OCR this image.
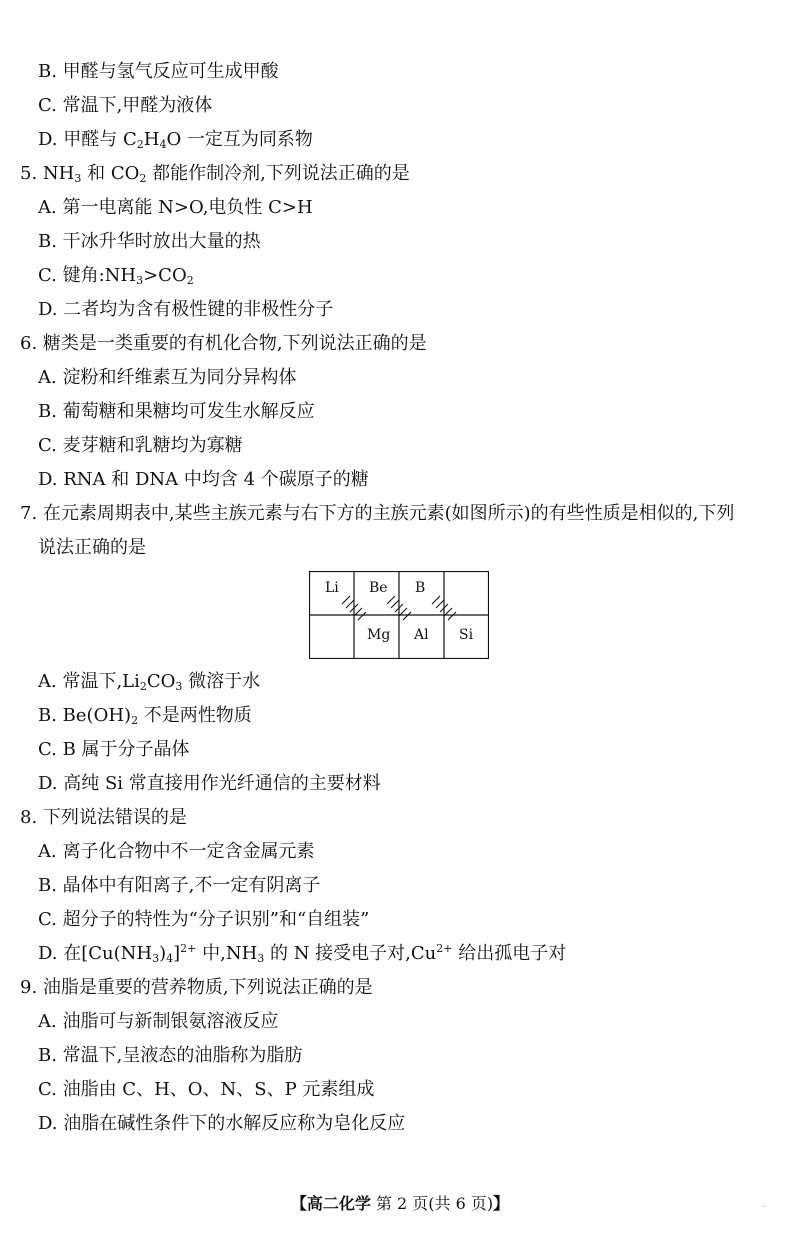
B. 甲醛与氢气反应可生成甲酸
C. 常温下,甲醛为液体
D. 甲醛与 $C_2H_4O$ 一定互为同系物
5. $NH_3$ 和 $CO_2$ 都能作制冷剂,下列说法正确的是
A. 第一电离能 N>O,电负性 C>H
B. 干冰升华时放出大量的热
C. 键角$:NH_3>CO_2$
D. 二者均为含有极性键的非极性分子
6. 糖类是一类重要的有机化合物,下列说法正确的是
A. 淀粉和纤维素互为同分异构体
B. 葡萄糖和果糖均可发生水解反应
C. 麦芽糖和乳糖均为寡糖
D. RNA 和 DNA 中均含 4 个碳原子的糖
7. 在元素周期表中,某些主族元素与右下方的主族元素(如图所示)的有些性质是相似的,下列
说法正确的是
Li Be B
Mg Al Si
A. 常温下$,Li_2CO_3$ 微溶于水
B. $Be(OH)_2$ 不是两性物质
C. B 属于分子晶体
D. 高纯 Si 常直接用作光纤通信的主要材料
8. 下列说法错误的是
A. 离子化合物中不一定含金属元素
B. 晶体中有阳离子,不一定有阴离子
C. 超分子的特性为“分子识别”和“自组装”
D. 在$[Cu(NH_3)_4]^{2+}$ 中$,NH_3$ 的 N 接受电子对$,Cu^{2+}$ 给出孤电子对
9. 油脂是重要的营养物质,下列说法正确的是
A. 油脂可与新制银氨溶液反应
B. 常温下,呈液态的油脂称为脂肪
C. 油脂由 C、H、O、N、S、P 元素组成
D. 油脂在碱性条件下的水解反应称为皂化反应
【高二化学 第 2 页(共 6 页)】	··
